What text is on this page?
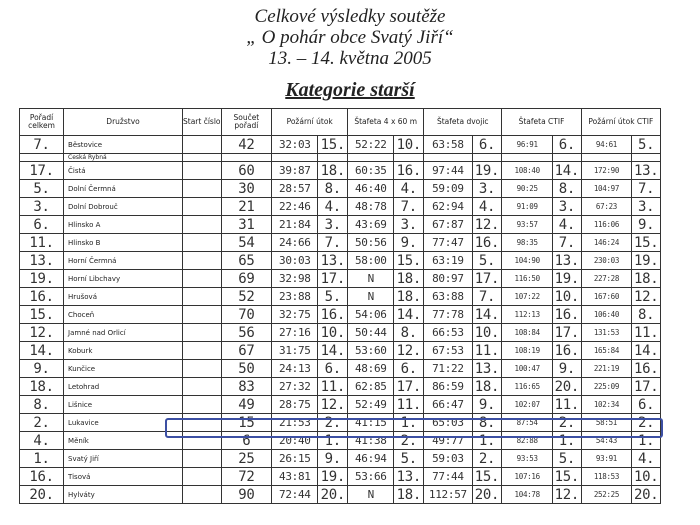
Celkové výsledky soutěže
„ O pohár obce Svatý Jiří“
13. – 14. května 2005
Kategorie starší
Pořadí celkem	Družstvo	Start číslo	Součet pořadí	Požární útok		Štafeta 4 x 60 m		Štafeta dvojic		Štafeta CTIF		Požární útok CTIF	
7.	Běstovice		42	32:03	15.	52:22	10.	63:58	6.	96:91	6.	94:61	5.
	Česká Rybná												
17.	Čistá		60	39:87	18.	60:35	16.	97:44	19.	108:40	14.	172:90	13.
5.	Dolní Čermná		30	28:57	8.	46:40	4.	59:09	3.	90:25	8.	104:97	7.
3.	Dolní Dobrouč		21	22:46	4.	48:78	7.	62:94	4.	91:09	3.	67:23	3.
6.	Hlinsko A		31	21:84	3.	43:69	3.	67:87	12.	93:57	4.	116:06	9.
11.	Hlinsko B		54	24:66	7.	50:56	9.	77:47	16.	98:35	7.	146:24	15.
13.	Horní Čermná		65	30:03	13.	58:00	15.	63:19	5.	104:90	13.	230:03	19.
19.	Horní Libchavy		69	32:98	17.	N	18.	80:97	17.	116:50	19.	227:28	18.
16.	Hrušová		52	23:88	5.	N	18.	63:88	7.	107:22	10.	167:60	12.
15.	Choceň		70	32:75	16.	54:06	14.	77:78	14.	112:13	16.	106:40	8.
12.	Jamné nad Orlicí		56	27:16	10.	50:44	8.	66:53	10.	108:84	17.	131:53	11.
14.	Koburk		67	31:75	14.	53:60	12.	67:53	11.	108:19	16.	165:84	14.
9.	Kunčice		50	24:13	6.	48:69	6.	71:22	13.	100:47	9.	221:19	16.
18.	Letohrad		83	27:32	11.	62:85	17.	86:59	18.	116:65	20.	225:09	17.
8.	Lišnice		49	28:75	12.	52:49	11.	66:47	9.	102:07	11.	102:34	6.
2.	Lukavice		15	21:53	2.	41:15	1.	65:03	8.	87:54	2.	58:51	2.
4.	Měník		6	20:40	1.	41:38	2.	49:77	1.	82:88	1.	54:43	1.
1.	Svatý Jiří		25	26:15	9.	46:94	5.	59:03	2.	93:53	5.	93:91	4.
16.	Tisová		72	43:81	19.	53:66	13.	77:44	15.	107:16	15.	118:53	10.
20.	Hylváty		90	72:44	20.	N	18.	112:57	20.	104:78	12.	252:25	20.
